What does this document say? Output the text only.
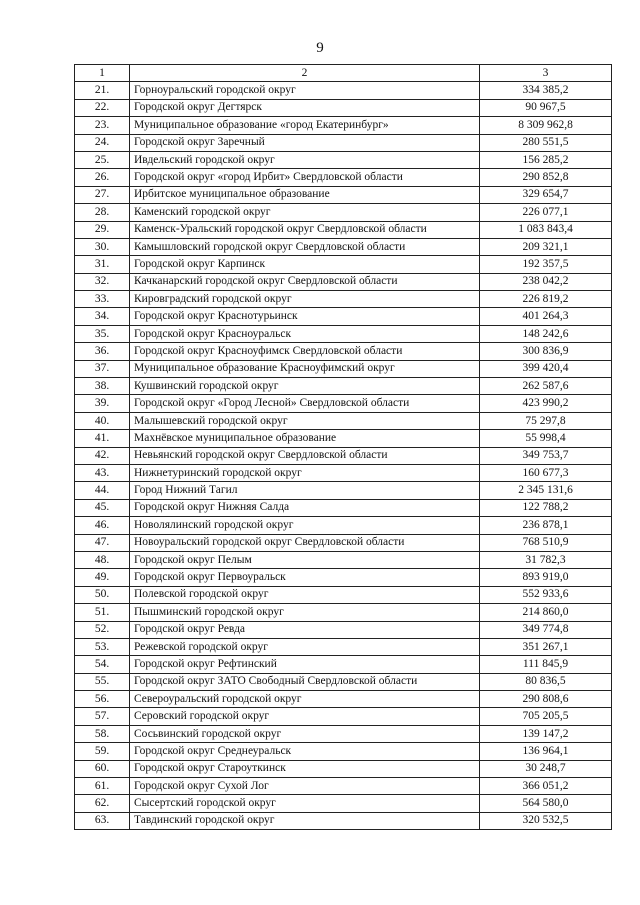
9
1	2	3
21.	Горноуральский городской округ	334 385,2
22.	Городской округ Дегтярск	90 967,5
23.	Муниципальное образование «город Екатеринбург»	8 309 962,8
24.	Городской округ Заречный	280 551,5
25.	Ивдельский городской округ	156 285,2
26.	Городской округ «город Ирбит» Свердловской области	290 852,8
27.	Ирбитское муниципальное образование	329 654,7
28.	Каменский городской округ	226 077,1
29.	Каменск-Уральский городской округ Свердловской области	1 083 843,4
30.	Камышловский городской округ Свердловской области	209 321,1
31.	Городской округ Карпинск	192 357,5
32.	Качканарский городской округ Свердловской области	238 042,2
33.	Кировградский городской округ	226 819,2
34.	Городской округ Краснотурьинск	401 264,3
35.	Городской округ Красноуральск	148 242,6
36.	Городской округ Красноуфимск Свердловской области	300 836,9
37.	Муниципальное образование Красноуфимский округ	399 420,4
38.	Кушвинский городской округ	262 587,6
39.	Городской округ «Город Лесной» Свердловской области	423 990,2
40.	Малышевский городской округ	75 297,8
41.	Махнёвское муниципальное образование	55 998,4
42.	Невьянский городской округ Свердловской области	349 753,7
43.	Нижнетуринский городской округ	160 677,3
44.	Город Нижний Тагил	2 345 131,6
45.	Городской округ Нижняя Салда	122 788,2
46.	Новолялинский городской округ	236 878,1
47.	Новоуральский городской округ Свердловской области	768 510,9
48.	Городской округ Пелым	31 782,3
49.	Городской округ Первоуральск	893 919,0
50.	Полевской городской округ	552 933,6
51.	Пышминский городской округ	214 860,0
52.	Городской округ Ревда	349 774,8
53.	Режевской городской округ	351 267,1
54.	Городской округ Рефтинский	111 845,9
55.	Городской округ ЗАТО Свободный Свердловской области	80 836,5
56.	Североуральский городской округ	290 808,6
57.	Серовский городской округ	705 205,5
58.	Сосьвинский городской округ	139 147,2
59.	Городской округ Среднеуральск	136 964,1
60.	Городской округ Староуткинск	30 248,7
61.	Городской округ Сухой Лог	366 051,2
62.	Сысертский городской округ	564 580,0
63.	Тавдинский городской округ	320 532,5
